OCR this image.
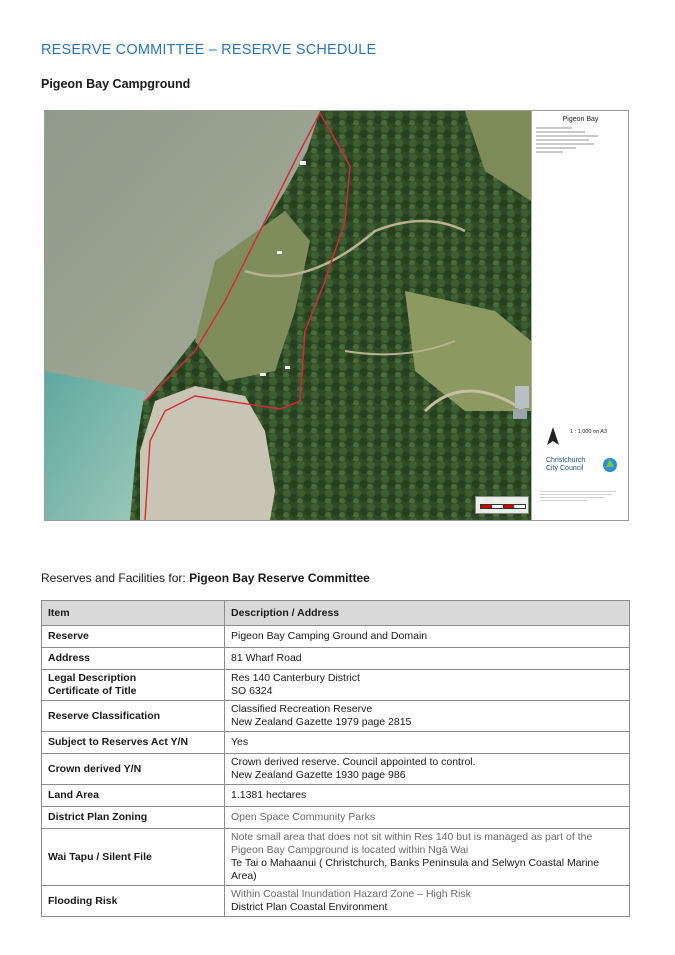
RESERVE COMMITTEE – RESERVE SCHEDULE
Pigeon Bay Campground
Pigeon Bay
1 : 1,000 on A3
Christchurch
City Council
Reserves and Facilities for: Pigeon Bay Reserve Committee
Item	Description / Address
Reserve	Pigeon Bay Camping Ground and Domain
Address	81 Wharf Road

Legal Description
Certificate of Title	Res 140 Canterbury District
SO 6324

Reserve Classification	Classified Recreation Reserve
New Zealand Gazette 1979 page 2815

Subject to Reserves Act Y/N	Yes
Crown derived Y/N	Crown derived reserve. Council appointed to control.
New Zealand Gazette 1930 page 986

Land Area	1.1381 hectares
District Plan Zoning	Open Space Community Parks
Wai Tapu / Silent File	Note small area that does not sit within Res 140 but is managed as part of the Pigeon Bay Campground is located within Ngā Wai
Te Tai o Mahaanui ( Christchurch, Banks Peninsula and Selwyn Coastal Marine Area)

Flooding Risk	Within Coastal Inundation Hazard Zone – High Risk
District Plan Coastal Environment
